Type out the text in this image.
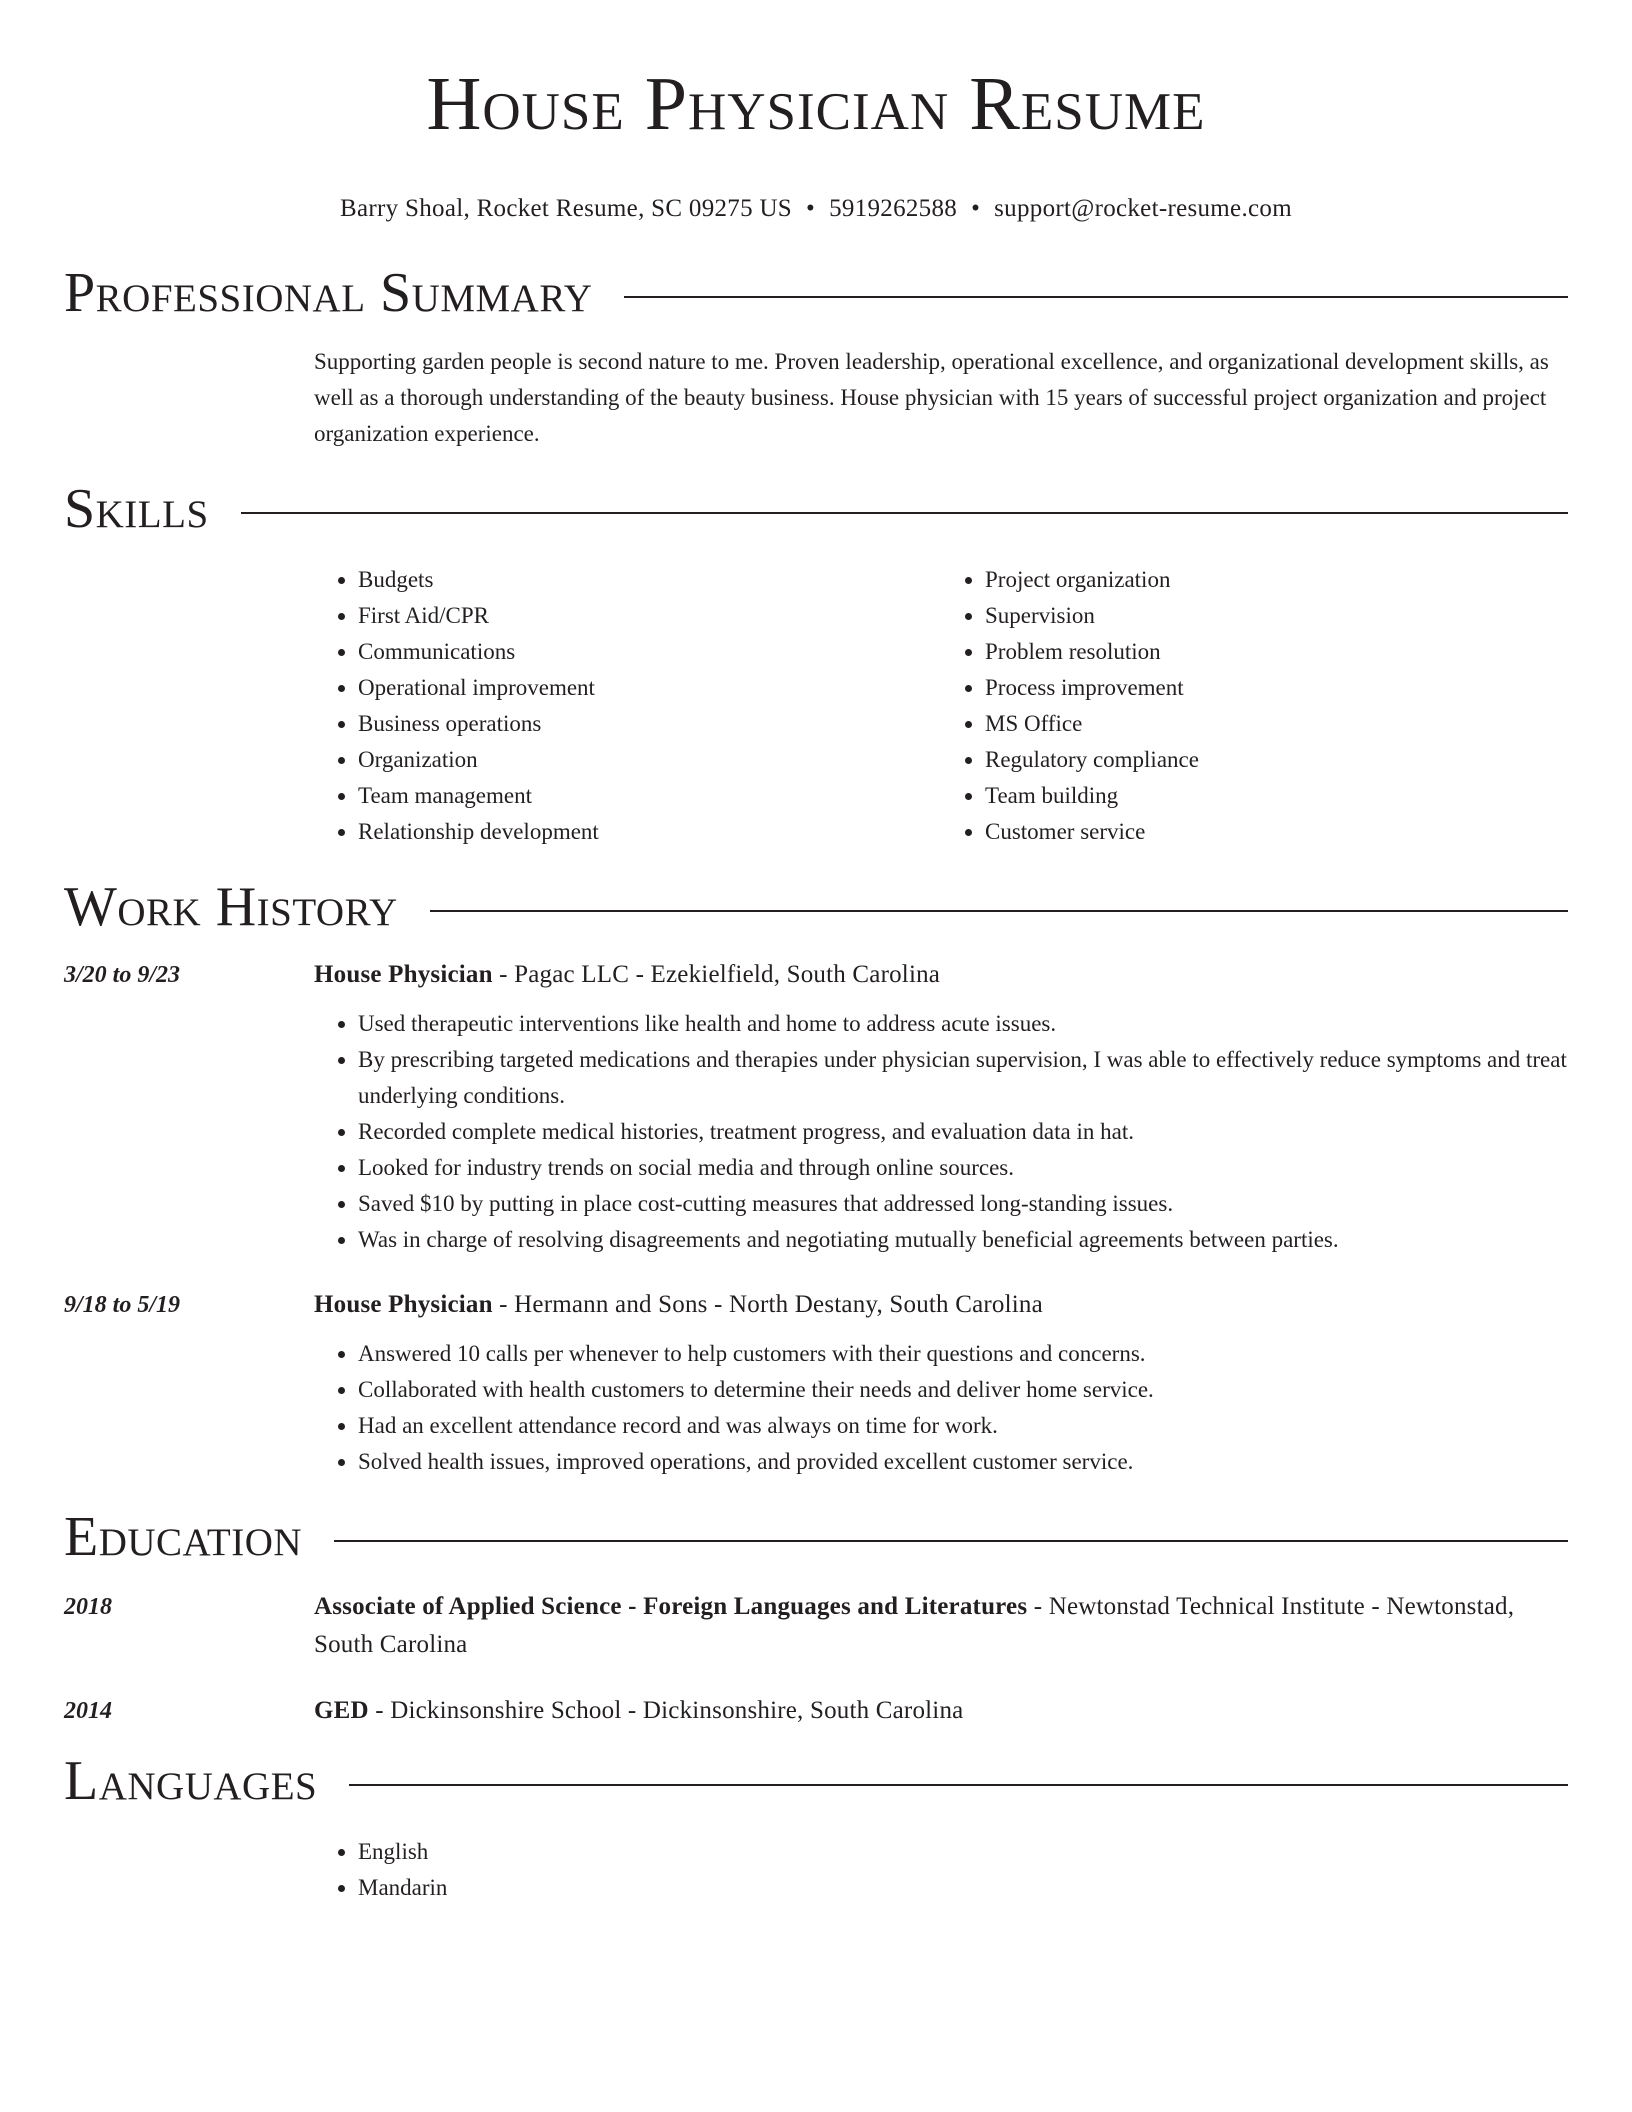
House Physician Resume
Barry Shoal, Rocket Resume, SC 09275 US • 5919262588 • support@rocket-resume.com
Professional Summary

Supporting garden people is second nature to me. Proven leadership, operational excellence, and organizational development skills, as well as a thorough understanding of the beauty business. House physician with 15 years of successful project organization and project organization experience.

Skills
• Budgets
• First Aid/CPR
• Communications
• Operational improvement
• Business operations
• Organization
• Team management
• Relationship development
• Project organization
• Supervision
• Problem resolution
• Process improvement
• MS Office
• Regulatory compliance
• Team building
• Customer service
Work History
3/20 to 9/23	House Physician - Pagac LLC - Ezekielfield, South Carolina
• Used therapeutic interventions like health and home to address acute issues.
• By prescribing targeted medications and therapies under physician supervision, I was able to effectively reduce symptoms and treat underlying conditions.
• Recorded complete medical histories, treatment progress, and evaluation data in hat.
• Looked for industry trends on social media and through online sources.
• Saved $10 by putting in place cost-cutting measures that addressed long-standing issues.
• Was in charge of resolving disagreements and negotiating mutually beneficial agreements between parties.
9/18 to 5/19	House Physician - Hermann and Sons - North Destany, South Carolina
• Answered 10 calls per whenever to help customers with their questions and concerns.
• Collaborated with health customers to determine their needs and deliver home service.
• Had an excellent attendance record and was always on time for work.
• Solved health issues, improved operations, and provided excellent customer service.
Education
2018	Associate of Applied Science - Foreign Languages and Literatures - Newtonstad Technical Institute - Newtonstad, South Carolina
2014	GED - Dickinsonshire School - Dickinsonshire, South Carolina
Languages
• English
• Mandarin
